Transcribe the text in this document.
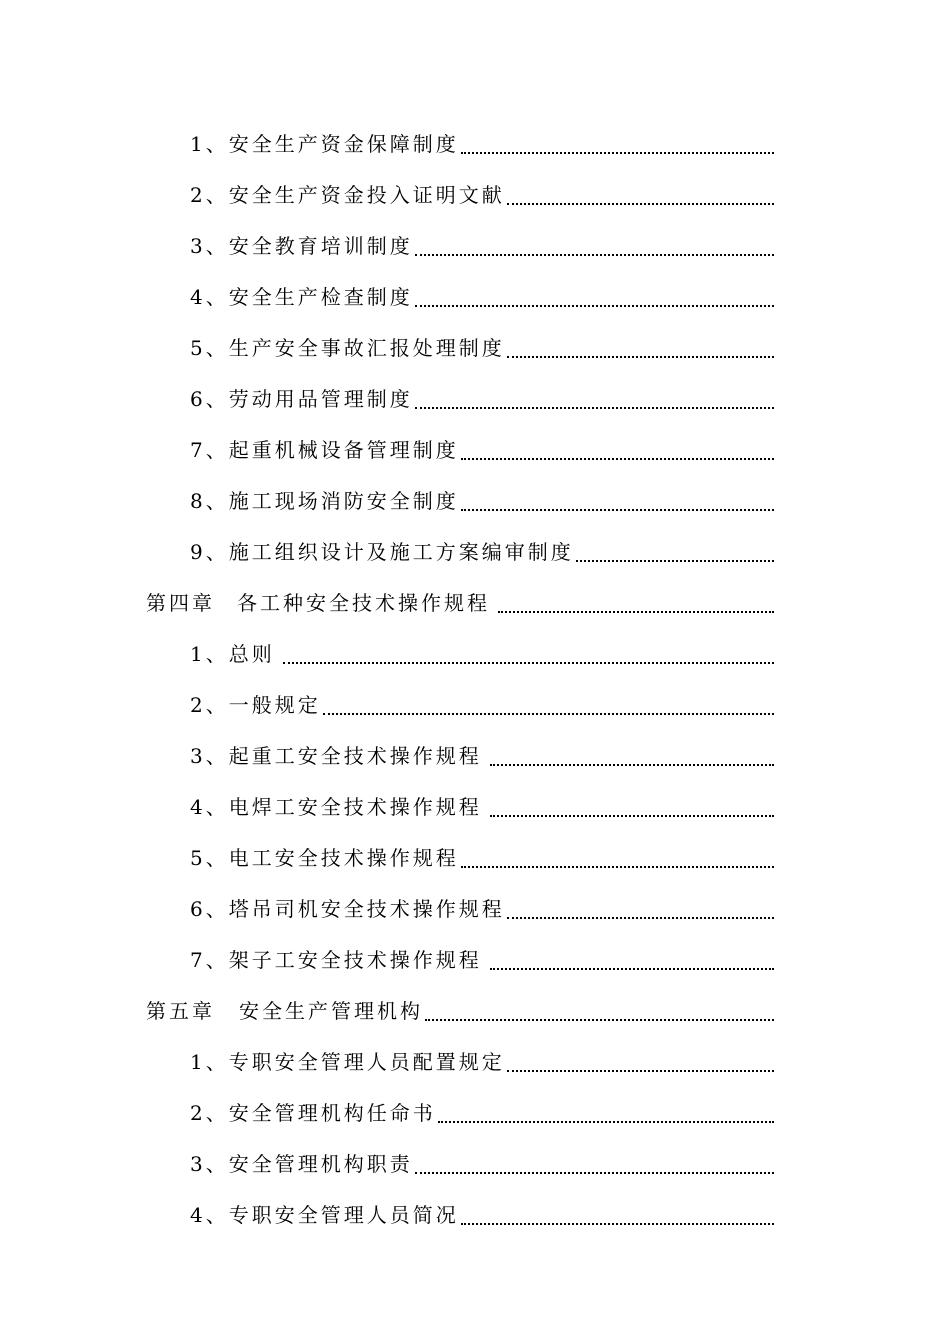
1、 安全生产资金保障制度
2、 安全生产资金投入证明文献
3、 安全教育培训制度
4、 安全生产检查制度
5、 生产安全事故汇报处理制度
6、 劳动用品管理制度
7、 起重机械设备管理制度
8、 施工现场消防安全制度
9、 施工组织设计及施工方案编审制度
第四章 各工种安全技术操作规程
1、 总则
2、 一般规定
3、 起重工安全技术操作规程
4、 电焊工安全技术操作规程
5、 电工安全技术操作规程
6、 塔吊司机安全技术操作规程
7、 架子工安全技术操作规程
第五章 安全生产管理机构
1、 专职安全管理人员配置规定
2、 安全管理机构任命书
3、 安全管理机构职责
4、 专职安全管理人员简况
